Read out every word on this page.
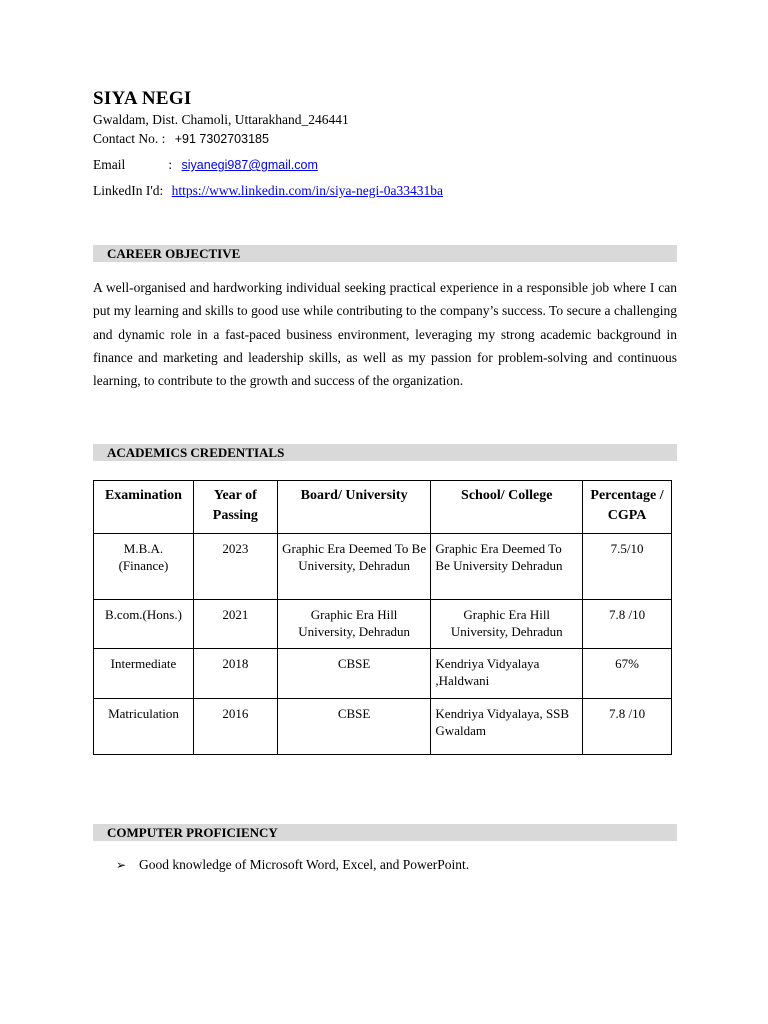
SIYA NEGI
Gwaldam, Dist. Chamoli, Uttarakhand_246441
Contact No. : +91 7302703185
Email	: siyanegi987@gmail.com
LinkedIn I'd: https://www.linkedin.com/in/siya-negi-0a33431ba
CAREER OBJECTIVE
A well-organised and hardworking individual seeking practical experience in a responsible job where I can put my learning and skills to good use while contributing to the company’s success. To secure a challenging and dynamic role in a fast-paced business environment, leveraging my strong academic background in finance and marketing and leadership skills, as well as my passion for problem-solving and continuous learning, to contribute to the growth and success of the organization.
ACADEMICS CREDENTIALS
Examination	Year of Passing	Board/ University	School/ College	Percentage / CGPA
M.B.A. (Finance)	2023	Graphic Era Deemed To Be University, Dehradun	Graphic Era Deemed To Be University Dehradun	7.5/10
B.com.(Hons.)	2021	Graphic Era Hill University, Dehradun	Graphic Era Hill University, Dehradun	7.8 /10
Intermediate	2018	CBSE	Kendriya Vidyalaya ,Haldwani	67%
Matriculation	2016	CBSE	Kendriya Vidyalaya, SSB Gwaldam	7.8 /10
COMPUTER PROFICIENCY
➢ Good knowledge of Microsoft Word, Excel, and PowerPoint.
